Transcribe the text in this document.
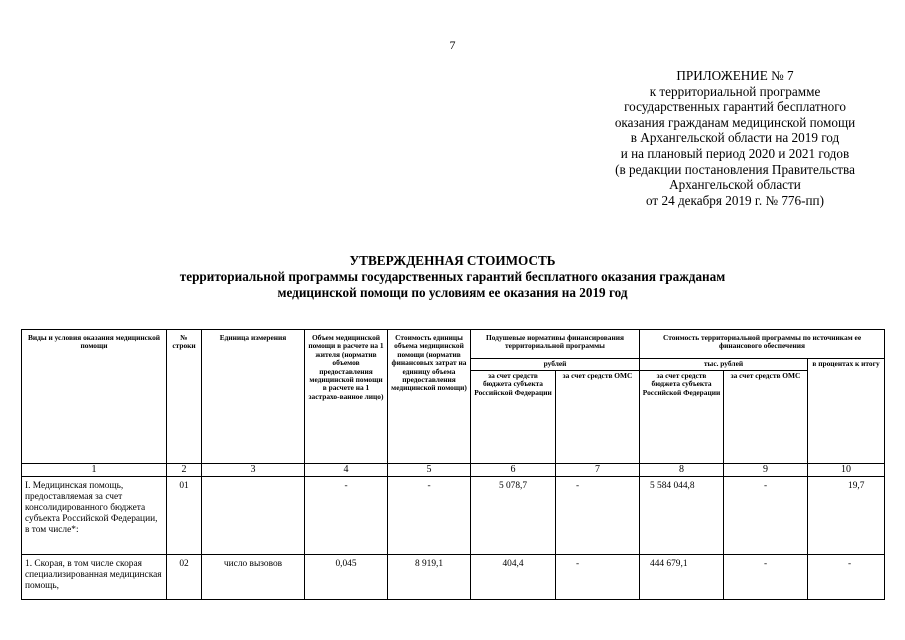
7
ПРИЛОЖЕНИЕ № 7
к территориальной программе
государственных гарантий бесплатного
оказания гражданам медицинской помощи
в Архангельской области на 2019 год
и на плановый период 2020 и 2021 годов
(в редакции постановления Правительства
Архангельской области
от 24 декабря 2019 г. № 776-пп)
УТВЕРЖДЕННАЯ СТОИМОСТЬ
территориальной программы государственных гарантий бесплатного оказания гражданам
медицинской помощи по условиям ее оказания на 2019 год
Виды и условия оказания медицинской помощи	№ строки	Единица измерения	Объем медицинской помощи в расчете на 1 жителя (норматив объемов предоставления медицинской помощи в расчете на 1 застрахо-ванное лицо)	Стоимость единицы объема медицинской помощи (норматив финансовых затрат на единицу объема предоставления медицинской помощи)	Подушевые нормативы финансирования территориальной программы		Стоимость территориальной программы по источникам ее финансового обеспечения		
					рублей		тыс. рублей		в процентах к итогу
					за счет средств бюджета субъекта Российской Федерации	за счет средств ОМС	за счет средств бюджета субъекта Российской Федерации	за счет средств ОМС	
1	2	3	4	5	6	7	8	9	10
I. Медицинская помощь, предоставляемая за счет консолидированного бюджета субъекта Российской Федерации, в том числе*:	01		-	-	5 078,7	-	5 584 044,8	-	19,7
1. Скорая, в том числе скорая специализированная медицинская помощь,	02	число вызовов	0,045	8 919,1	404,4	-	444 679,1	-	-
